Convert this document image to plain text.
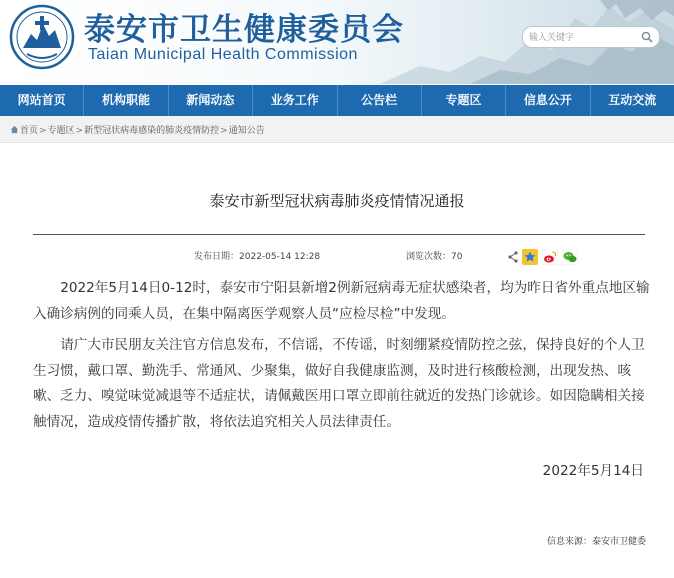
泰安市卫生健康委员会
Taian Municipal Health Commission
输入关键字
网站首页	机构职能	新闻动态	业务工作	公告栏	专题区	信息公开	互动交流
首页>专题区>新型冠状病毒感染的肺炎疫情防控>通知公告
泰安市新型冠状病毒肺炎疫情情况通报
发布日期：2022-05-14 12:28	浏览次数：70

2022年5月14日0-12时，泰安市宁阳县新增2例新冠病毒无症状感染者，均为昨日省外重点地区输入确诊病例的同乘人员，在集中隔离医学观察人员“应检尽检”中发现。

请广大市民朋友关注官方信息发布，不信谣，不传谣，时刻绷紧疫情防控之弦，保持良好的个人卫生习惯，戴口罩、勤洗手、常通风、少聚集，做好自我健康监测，及时进行核酸检测，出现发热、咳嗽、乏力、嗅觉味觉减退等不适症状，请佩戴医用口罩立即前往就近的发热门诊就诊。如因隐瞒相关接触情况，造成疫情传播扩散，将依法追究相关人员法律责任。

2022年5月14日
信息来源：泰安市卫健委
